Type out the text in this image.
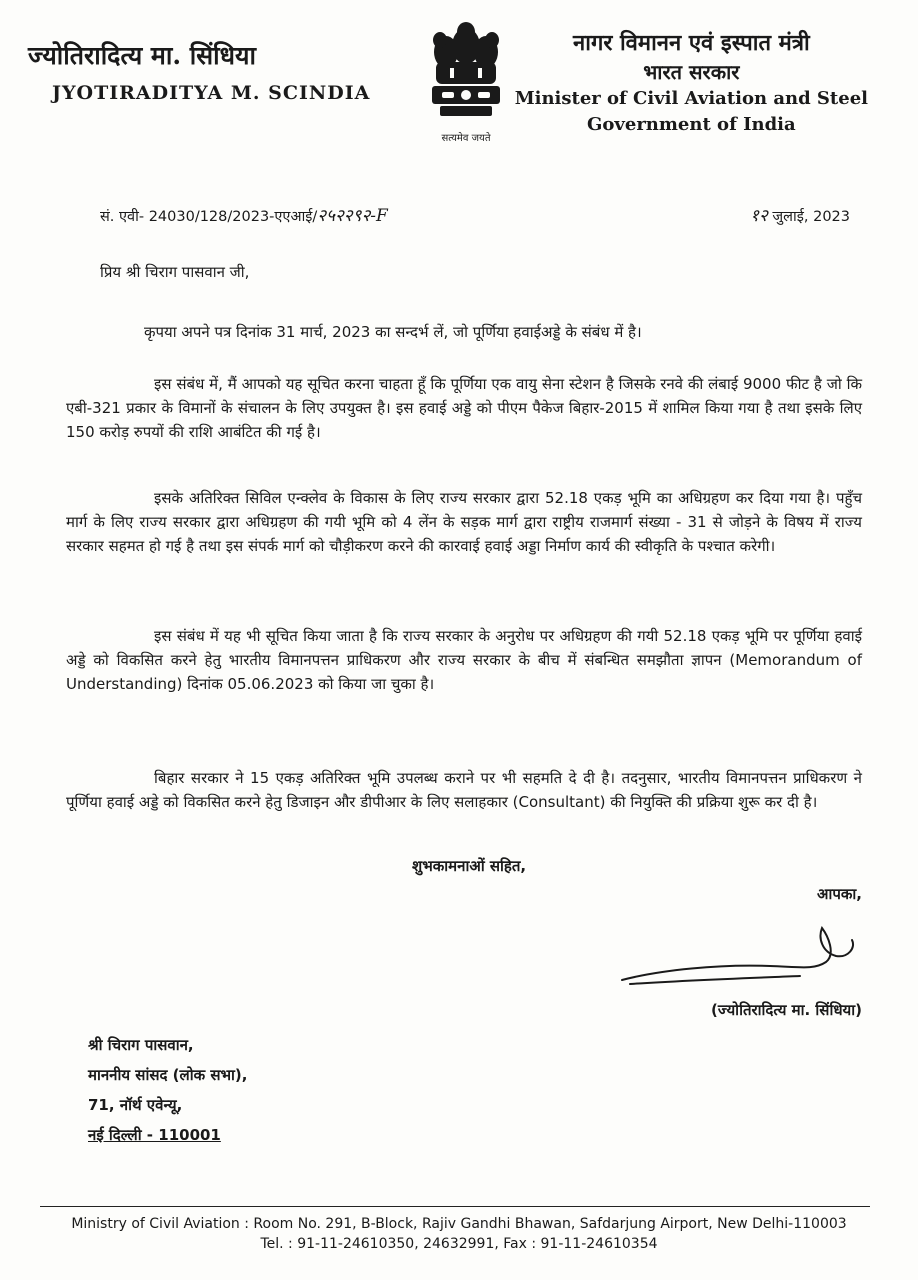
ज्योतिरादित्य मा. सिंधिया
JYOTIRADITYA M. SCINDIA
सत्यमेव जयते
नागर विमानन एवं इस्पात मंत्री
भारत सरकार
Minister of Civil Aviation and Steel
Government of India
सं. एवी- 24030/128/2023-एएआई/२५२२९२-F	१२ जुलाई, 2023
प्रिय श्री चिराग पासवान जी,
कृपया अपने पत्र दिनांक 31 मार्च, 2023 का सन्दर्भ लें, जो पूर्णिया हवाईअड्डे के संबंध में है।
इस संबंध में, मैं आपको यह सूचित करना चाहता हूँ कि पूर्णिया एक वायु सेना स्टेशन है जिसके रनवे की लंबाई 9000 फीट है जो कि एबी-321 प्रकार के विमानों के संचालन के लिए उपयुक्त है। इस हवाई अड्डे को पीएम पैकेज बिहार-2015 में शामिल किया गया है तथा इसके लिए 150 करोड़ रुपयों की राशि आबंटित की गई है।
इसके अतिरिक्त सिविल एन्क्लेव के विकास के लिए राज्य सरकार द्वारा 52.18 एकड़ भूमि का अधिग्रहण कर दिया गया है। पहुँच मार्ग के लिए राज्य सरकार द्वारा अधिग्रहण की गयी भूमि को 4 लेंन के सड़क मार्ग द्वारा राष्ट्रीय राजमार्ग संख्या - 31 से जोड़ने के विषय में राज्य सरकार सहमत हो गई है तथा इस संपर्क मार्ग को चौड़ीकरण करने की कारवाई हवाई अड्डा निर्माण कार्य की स्वीकृति के पश्चात करेगी।
इस संबंध में यह भी सूचित किया जाता है कि राज्य सरकार के अनुरोध पर अधिग्रहण की गयी 52.18 एकड़ भूमि पर पूर्णिया हवाई अड्डे को विकसित करने हेतु भारतीय विमानपत्तन प्राधिकरण और राज्य सरकार के बीच में संबन्धित समझौता ज्ञापन (Memorandum of Understanding) दिनांक 05.06.2023 को किया जा चुका है।
बिहार सरकार ने 15 एकड़ अतिरिक्त भूमि उपलब्ध कराने पर भी सहमति दे दी है। तदनुसार, भारतीय विमानपत्तन प्राधिकरण ने पूर्णिया हवाई अड्डे को विकसित करने हेतु डिजाइन और डीपीआर के लिए सलाहकार (Consultant) की नियुक्ति की प्रक्रिया शुरू कर दी है।
शुभकामनाओं सहित,
आपका,
(ज्योतिरादित्य मा. सिंधिया)
श्री चिराग पासवान,
माननीय सांसद (लोक सभा),
71, नॉर्थ एवेन्यू,
नई दिल्ली - 110001
Ministry of Civil Aviation : Room No. 291, B-Block, Rajiv Gandhi Bhawan, Safdarjung Airport, New Delhi-110003
Tel. : 91-11-24610350, 24632991, Fax : 91-11-24610354
